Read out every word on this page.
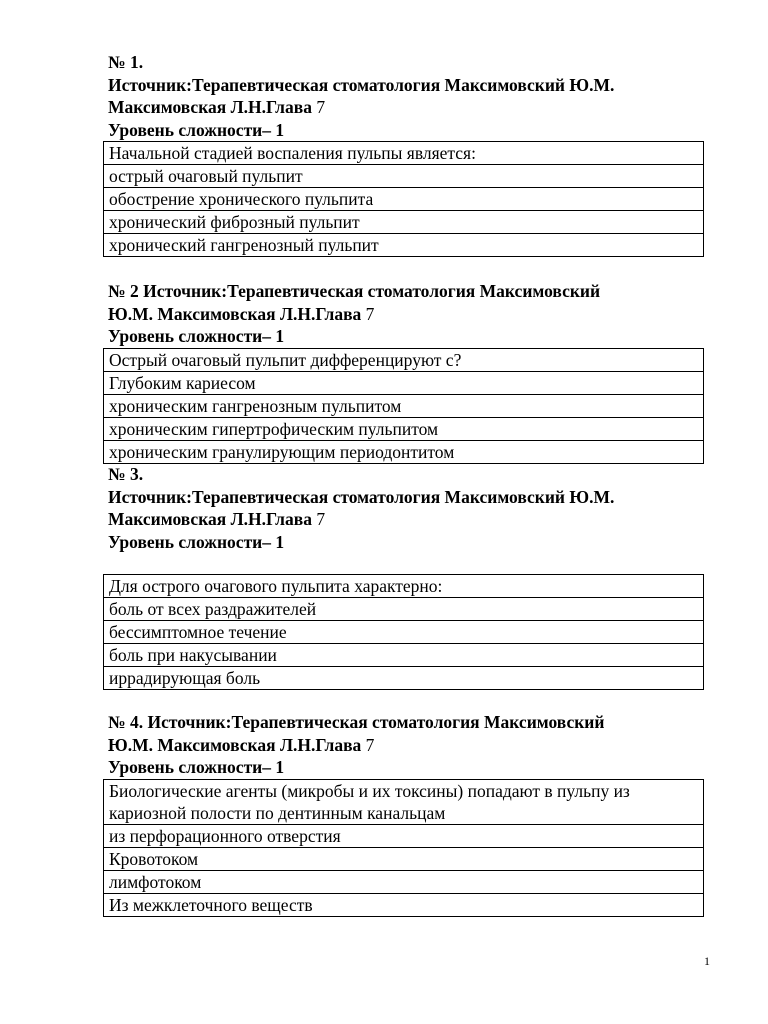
№ 1.

Источник:Терапевтическая стоматология Максимовский Ю.М.

Максимовская Л.Н.Глава 7

Уровень сложности– 1

Начальной стадией воспаления пульпы является:
острый очаговый пульпит
обострение хронического пульпита
хронический фиброзный пульпит
хронический гангренозный пульпит

№ 2 Источник:Терапевтическая стоматология Максимовский

Ю.М. Максимовская Л.Н.Глава 7

Уровень сложности– 1

Острый очаговый пульпит дифференцируют с?
Глубоким кариесом
хроническим гангренозным пульпитом
хроническим гипертрофическим пульпитом
хроническим гранулирующим периодонтитом

№ 3.

Источник:Терапевтическая стоматология Максимовский Ю.М.

Максимовская Л.Н.Глава 7

Уровень сложности– 1

Для острого очагового пульпита характерно:
боль от всех раздражителей
бессимптомное течение
боль при накусывании
иррадирующая боль

№ 4. Источник:Терапевтическая стоматология Максимовский

Ю.М. Максимовская Л.Н.Глава 7

Уровень сложности– 1

Биологические агенты (микробы и их токсины) попадают в пульпу из кариозной полости по дентинным канальцам
из перфорационного отверстия
Кровотоком
лимфотоком
Из межклеточного веществ
1
